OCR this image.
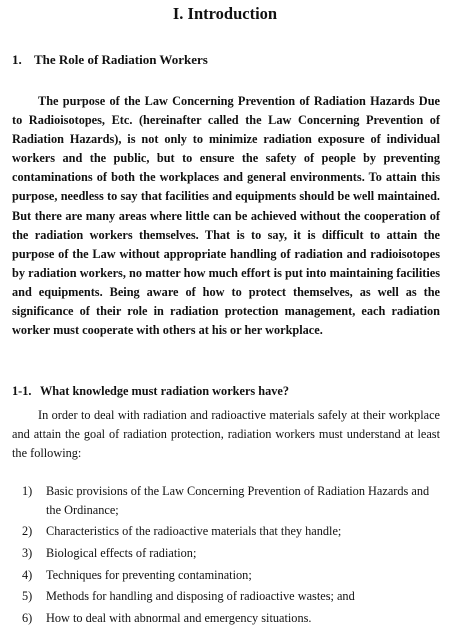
I. Introduction
1. The Role of Radiation Workers
The purpose of the Law Concerning Prevention of Radiation Hazards Due to Radioisotopes, Etc. (hereinafter called the Law Concerning Prevention of Radiation Hazards), is not only to minimize radiation exposure of individual workers and the public, but to ensure the safety of people by preventing contaminations of both the workplaces and general environments. To attain this purpose, needless to say that facilities and equipments should be well maintained. But there are many areas where little can be achieved without the cooperation of the radiation workers themselves. That is to say, it is difficult to attain the purpose of the Law without appropriate handling of radiation and radioisotopes by radiation workers, no matter how much effort is put into maintaining facilities and equipments. Being aware of how to protect themselves, as well as the significance of their role in radiation protection management, each radiation worker must cooperate with others at his or her workplace.
1-1. What knowledge must radiation workers have?
In order to deal with radiation and radioactive materials safely at their workplace and attain the goal of radiation protection, radiation workers must understand at least the following:
1)	Basic provisions of the Law Concerning Prevention of Radiation Hazards and the Ordinance;
2)	Characteristics of the radioactive materials that they handle;
3)	Biological effects of radiation;
4)	Techniques for preventing contamination;
5)	Methods for handling and disposing of radioactive wastes; and
6)	How to deal with abnormal and emergency situations.
